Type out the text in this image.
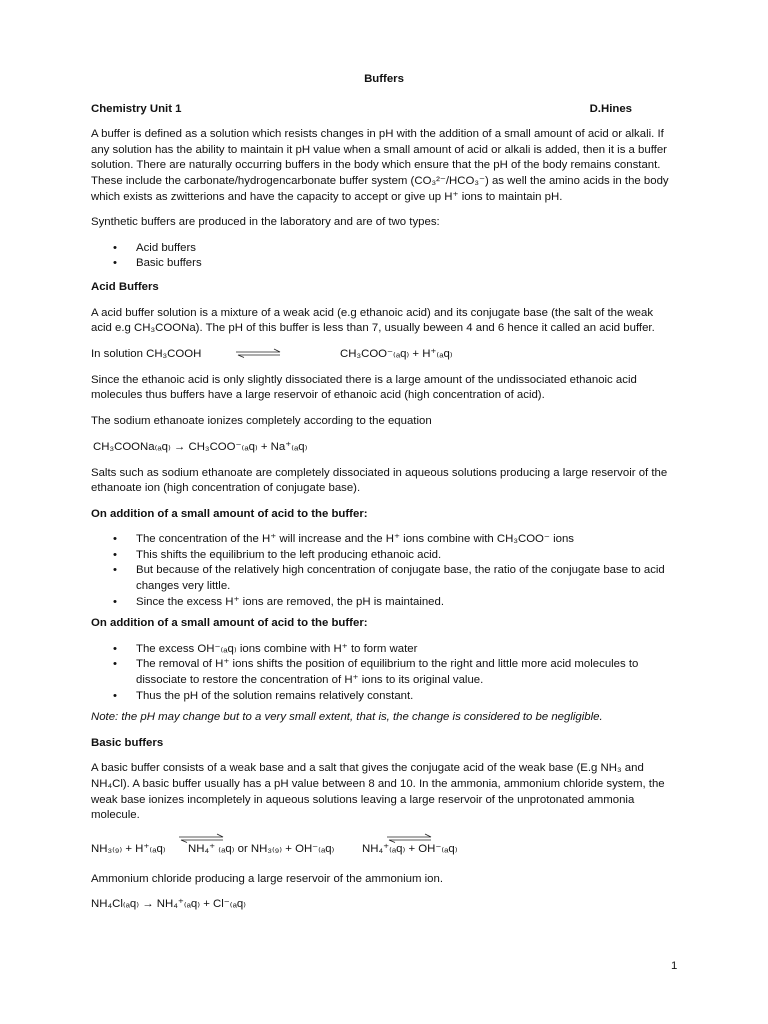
Buffers

Chemistry Unit 1	D.Hines

A buffer is defined as a solution which resists changes in pH with the addition of a small amount of acid or alkali. If any solution has the ability to maintain it pH value when a small amount of acid or alkali is added, then it is a buffer solution. There are naturally occurring buffers in the body which ensure that the pH of the body remains constant. These include the carbonate/hydrogencarbonate buffer system (CO₃²⁻/HCO₃⁻) as well the amino acids in the body which exists as zwitterions and have the capacity to accept or give up H⁺ ions to maintain pH.

Synthetic buffers are produced in the laboratory and are of two types:

• Acid buffers
• Basic buffers

Acid Buffers

A acid buffer solution is a mixture of a weak acid (e.g ethanoic acid) and its conjugate base (the salt of the weak acid e.g CH₃COONa). The pH of this buffer is less than 7, usually beween 4 and 6 hence it called an acid buffer.

In solution CH₃COOH	CH₃COO⁻₍ₐq₎ + H⁺₍ₐq₎

Since the ethanoic acid is only slightly dissociated there is a large amount of the undissociated ethanoic acid molecules thus buffers have a large reservoir of ethanoic acid (high concentration of acid).

The sodium ethanoate ionizes completely according to the equation

CH₃COONa₍ₐq₎ → CH₃COO⁻₍ₐq₎ + Na⁺₍ₐq₎

Salts such as sodium ethanoate are completely dissociated in aqueous solutions producing a large reservoir of the ethanoate ion (high concentration of conjugate base).

On addition of a small amount of acid to the buffer:

• The concentration of the H⁺ will increase and the H⁺ ions combine with CH₃COO⁻ ions
• This shifts the equilibrium to the left producing ethanoic acid.
• But because of the relatively high concentration of conjugate base, the ratio of the conjugate base to acid changes very little.
• Since the excess H⁺ ions are removed, the pH is maintained.

On addition of a small amount of acid to the buffer:

• The excess OH⁻₍ₐq₎ ions combine with H⁺ to form water
• The removal of H⁺ ions shifts the position of equilibrium to the right and little more acid molecules to dissociate to restore the concentration of H⁺ ions to its original value.
• Thus the pH of the solution remains relatively constant.

Note: the pH may change but to a very small extent, that is, the change is considered to be negligible.

Basic buffers

A basic buffer consists of a weak base and a salt that gives the conjugate acid of the weak base (E.g NH₃ and NH₄Cl). A basic buffer usually has a pH value between 8 and 10. In the ammonia, ammonium chloride system, the weak base ionizes incompletely in aqueous solutions leaving a large reservoir of the unprotonated ammonia molecule.

NH₃₍₉₎ + H⁺₍ₐq₎ NH₄⁺ ₍ₐq₎ or NH₃₍₉₎ + OH⁻₍ₐq₎ NH₄⁺₍ₐq₎ + OH⁻₍ₐq₎

Ammonium chloride producing a large reservoir of the ammonium ion.

NH₄Cl₍ₐq₎ → NH₄⁺₍ₐq₎ + Cl⁻₍ₐq₎
1
